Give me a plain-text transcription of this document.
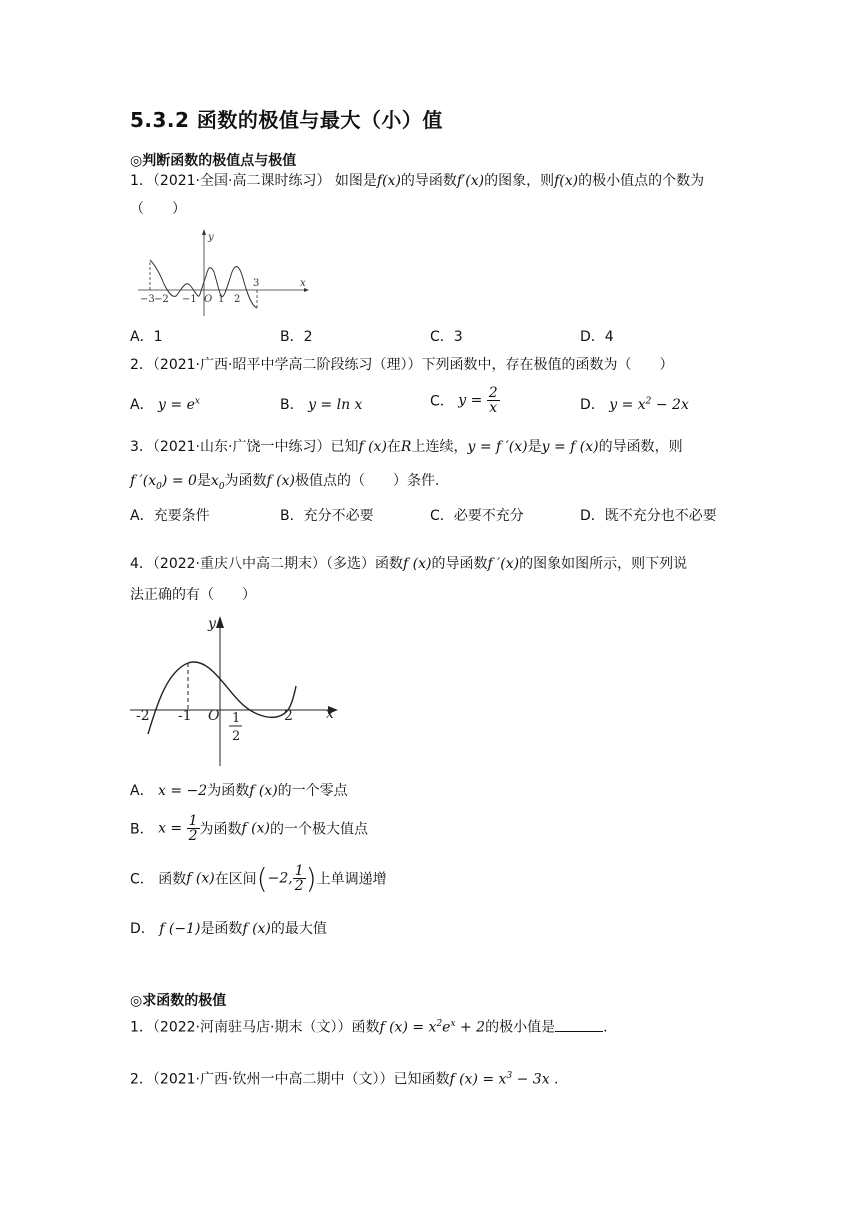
5.3.2 函数的极值与最大（小）值
◎判断函数的极值点与极值
1．（2021·全国·高二课时练习） 如图是f(x)的导函数f′(x)的图象，则f(x)的极小值点的个数为
（　　）
y
x
O
−3 −2 −1 1 2
3
A．1	B．2	C．3	D．4
2．（2021·广西·昭平中学高二阶段练习（理））下列函数中，存在极值的函数为（　　）
A． $y = e^x$	B． y = ln x	C． $y = \frac{2}{x}$	D． $y = x^2 - 2x$
3．（2021·山东·广饶一中练习）已知f (x)在R上连续，y = f ′(x)是y = f (x)的导函数，则
f $'(x_0) = 0$是$x_0$为函数f (x)极值点的（　　）条件.
A．充要条件	B．充分不必要	C．必要不充分	D．既不充分也不必要
4．（2022·重庆八中高二期末）（多选）函数f (x)的导函数f ′(x)的图象如图所示，则下列说
法正确的有（　　）
y
x
O
-2 -1	1
2
2
A． x = −2为函数f (x)的一个零点
B． $x = \frac{1}{2}$ 为函数f (x)的一个极大值点
C． 函数f (x)在区间(−2, $\frac{1}{2}$ )上单调递增
D． f (−1)是函数f (x)的最大值
◎求函数的极值
1．（2022·河南驻马店·期末（文））函数f $(x) = x^2e^x + 2$的极小值是	.
2．（2021·广西·钦州一中高二期中（文））已知函数f $(x) = x^3 - 3x$ .
